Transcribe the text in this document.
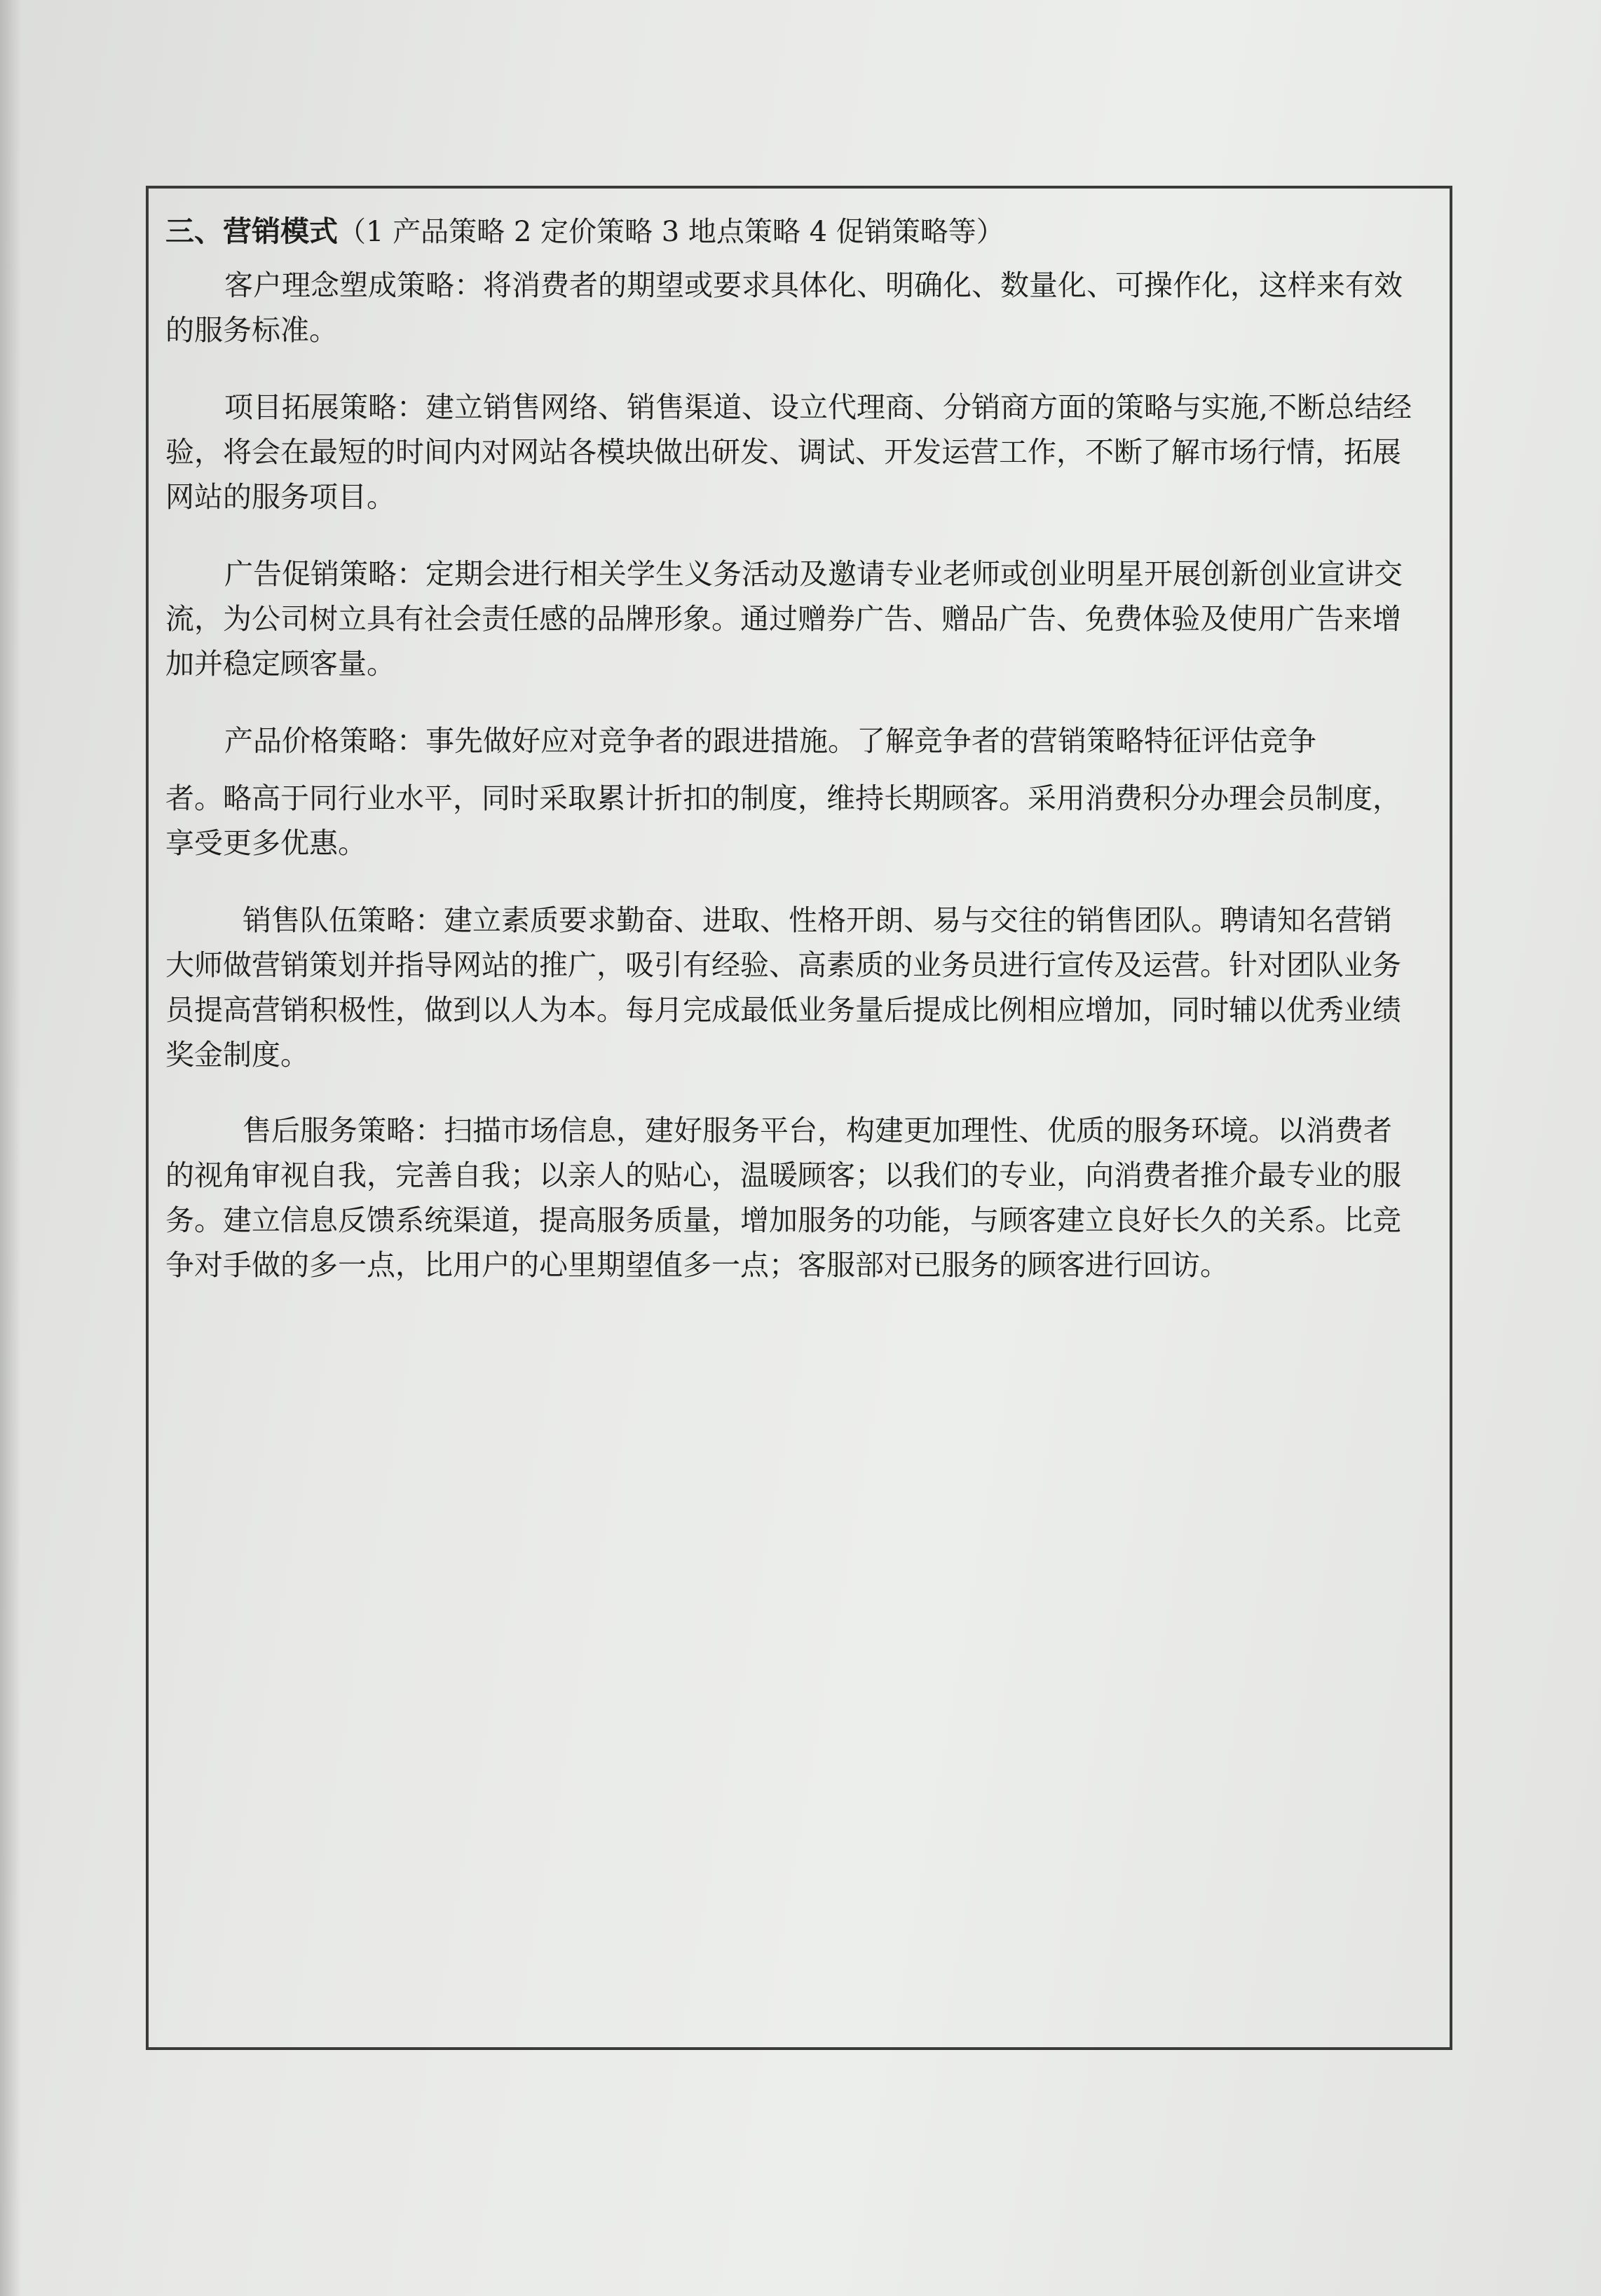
三、营销模式（1 产品策略 2 定价策略 3 地点策略 4 促销策略等）
客户理念塑成策略：将消费者的期望或要求具体化、明确化、数量化、可操作化，这样来有效的服务标准。
项目拓展策略：建立销售网络、销售渠道、设立代理商、分销商方面的策略与实施,不断总结经验，将会在最短的时间内对网站各模块做出研发、调试、开发运营工作，不断了解市场行情，拓展网站的服务项目。
广告促销策略：定期会进行相关学生义务活动及邀请专业老师或创业明星开展创新创业宣讲交流，为公司树立具有社会责任感的品牌形象。通过赠券广告、赠品广告、免费体验及使用广告来增加并稳定顾客量。
产品价格策略：事先做好应对竞争者的跟进措施。了解竞争者的营销策略特征评估竞争
者。略高于同行业水平，同时采取累计折扣的制度，维持长期顾客。采用消费积分办理会员制度，享受更多优惠。
销售队伍策略：建立素质要求勤奋、进取、性格开朗、易与交往的销售团队。聘请知名营销大师做营销策划并指导网站的推广，吸引有经验、高素质的业务员进行宣传及运营。针对团队业务员提高营销积极性，做到以人为本。每月完成最低业务量后提成比例相应增加，同时辅以优秀业绩奖金制度。
售后服务策略：扫描市场信息，建好服务平台，构建更加理性、优质的服务环境。以消费者的视角审视自我，完善自我；以亲人的贴心，温暖顾客；以我们的专业，向消费者推介最专业的服务。建立信息反馈系统渠道，提高服务质量，增加服务的功能，与顾客建立良好长久的关系。比竞争对手做的多一点，比用户的心里期望值多一点；客服部对已服务的顾客进行回访。
